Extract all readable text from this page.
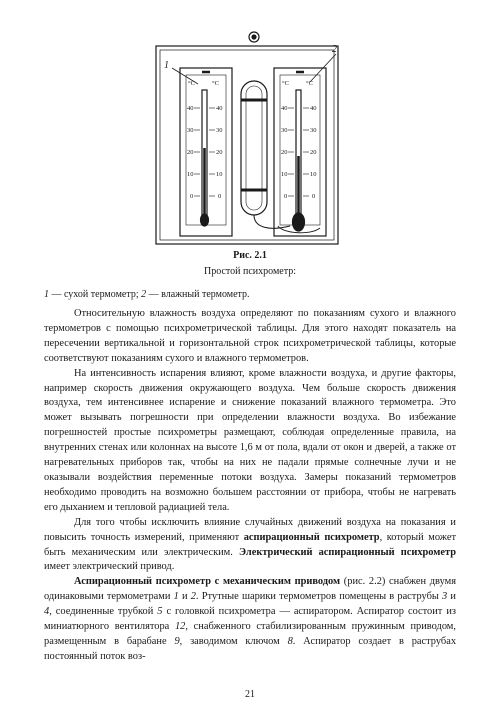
1
2
°C	°C
40	40
30	30
20	20
10	10
0	0
°C	°C
40	40
30	30
20	20
10	10
0	0
Рис. 2.1
Простой психрометр:
1 — сухой термометр; 2 — влажный термометр.

Относительную влажность воздуха определяют по показаниям сухого и влажного термометров с помощью психрометрической таблицы. Для этого находят показатель на пересечении вертикальной и горизонтальной строк психрометрической таблицы, которые соответствуют показаниям сухого и влажного термометров.

На интенсивность испарения влияют, кроме влажности воздуха, и другие факторы, например скорость движения окружающего воздуха. Чем больше скорость движения воздуха, тем интенсивнее испарение и снижение показаний влажного термометра. Это может вызывать погрешности при определении влажности воздуха. Во избежание погрешностей простые психрометры размещают, соблюдая определенные правила, на внутренних стенах или колоннах на высоте 1,6 м от пола, вдали от окон и дверей, а также от нагревательных приборов так, чтобы на них не падали прямые солнечные лучи и не оказывали воздействия переменные потоки воздуха. Замеры показаний термометров необходимо проводить на возможно большем расстоянии от прибора, чтобы не нагревать его дыханием и тепловой радиацией тела.

Для того чтобы исключить влияние случайных движений воздуха на показания и повысить точность измерений, применяют аспирационный психрометр, который может быть механическим или электрическим. Электрический аспирационный психрометр имеет электрический привод.

Аспирационный психрометр с механическим приводом (рис. 2.2) снабжен двумя одинаковыми термометрами 1 и 2. Ртутные шарики термометров помещены в раструбы 3 и 4, соединенные трубкой 5 с головкой психрометра — аспиратором. Аспиратор состоит из миниатюрного вентилятора 12, снабженного стабилизированным пружинным приводом, размещенным в барабане 9, заводимом ключом 8. Аспиратор создает в раструбах постоянный поток воз-

21
